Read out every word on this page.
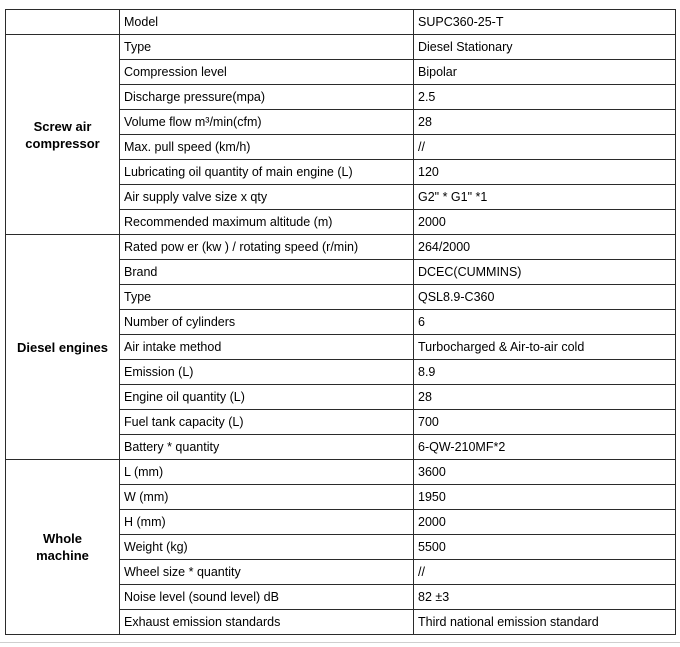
	Model	SUPC360-25-T
Screw air
compressor	Type	Diesel Stationary
	Compression level	Bipolar
	Discharge pressure(mpa)	2.5
	Volume flow m³/min(cfm)	28
	Max. pull speed (km/h)	//
	Lubricating oil quantity of main engine (L)	120
	Air supply valve size x qty	G2" * G1" *1
	Recommended maximum altitude (m)	2000
Diesel engines	Rated pow er (kw ) / rotating speed (r/min)	264/2000
	Brand	DCEC(CUMMINS)
	Type	QSL8.9-C360
	Number of cylinders	6
	Air intake method	Turbocharged & Air-to-air cold
	Emission (L)	8.9
	Engine oil quantity (L)	28
	Fuel tank capacity (L)	700
	Battery * quantity	6-QW-210MF*2
Whole
machine	L (mm)	3600
	W (mm)	1950
	H (mm)	2000
	Weight (kg)	5500
	Wheel size * quantity	//
	Noise level (sound level) dB	82 ±3
	Exhaust emission standards	Third national emission standard
